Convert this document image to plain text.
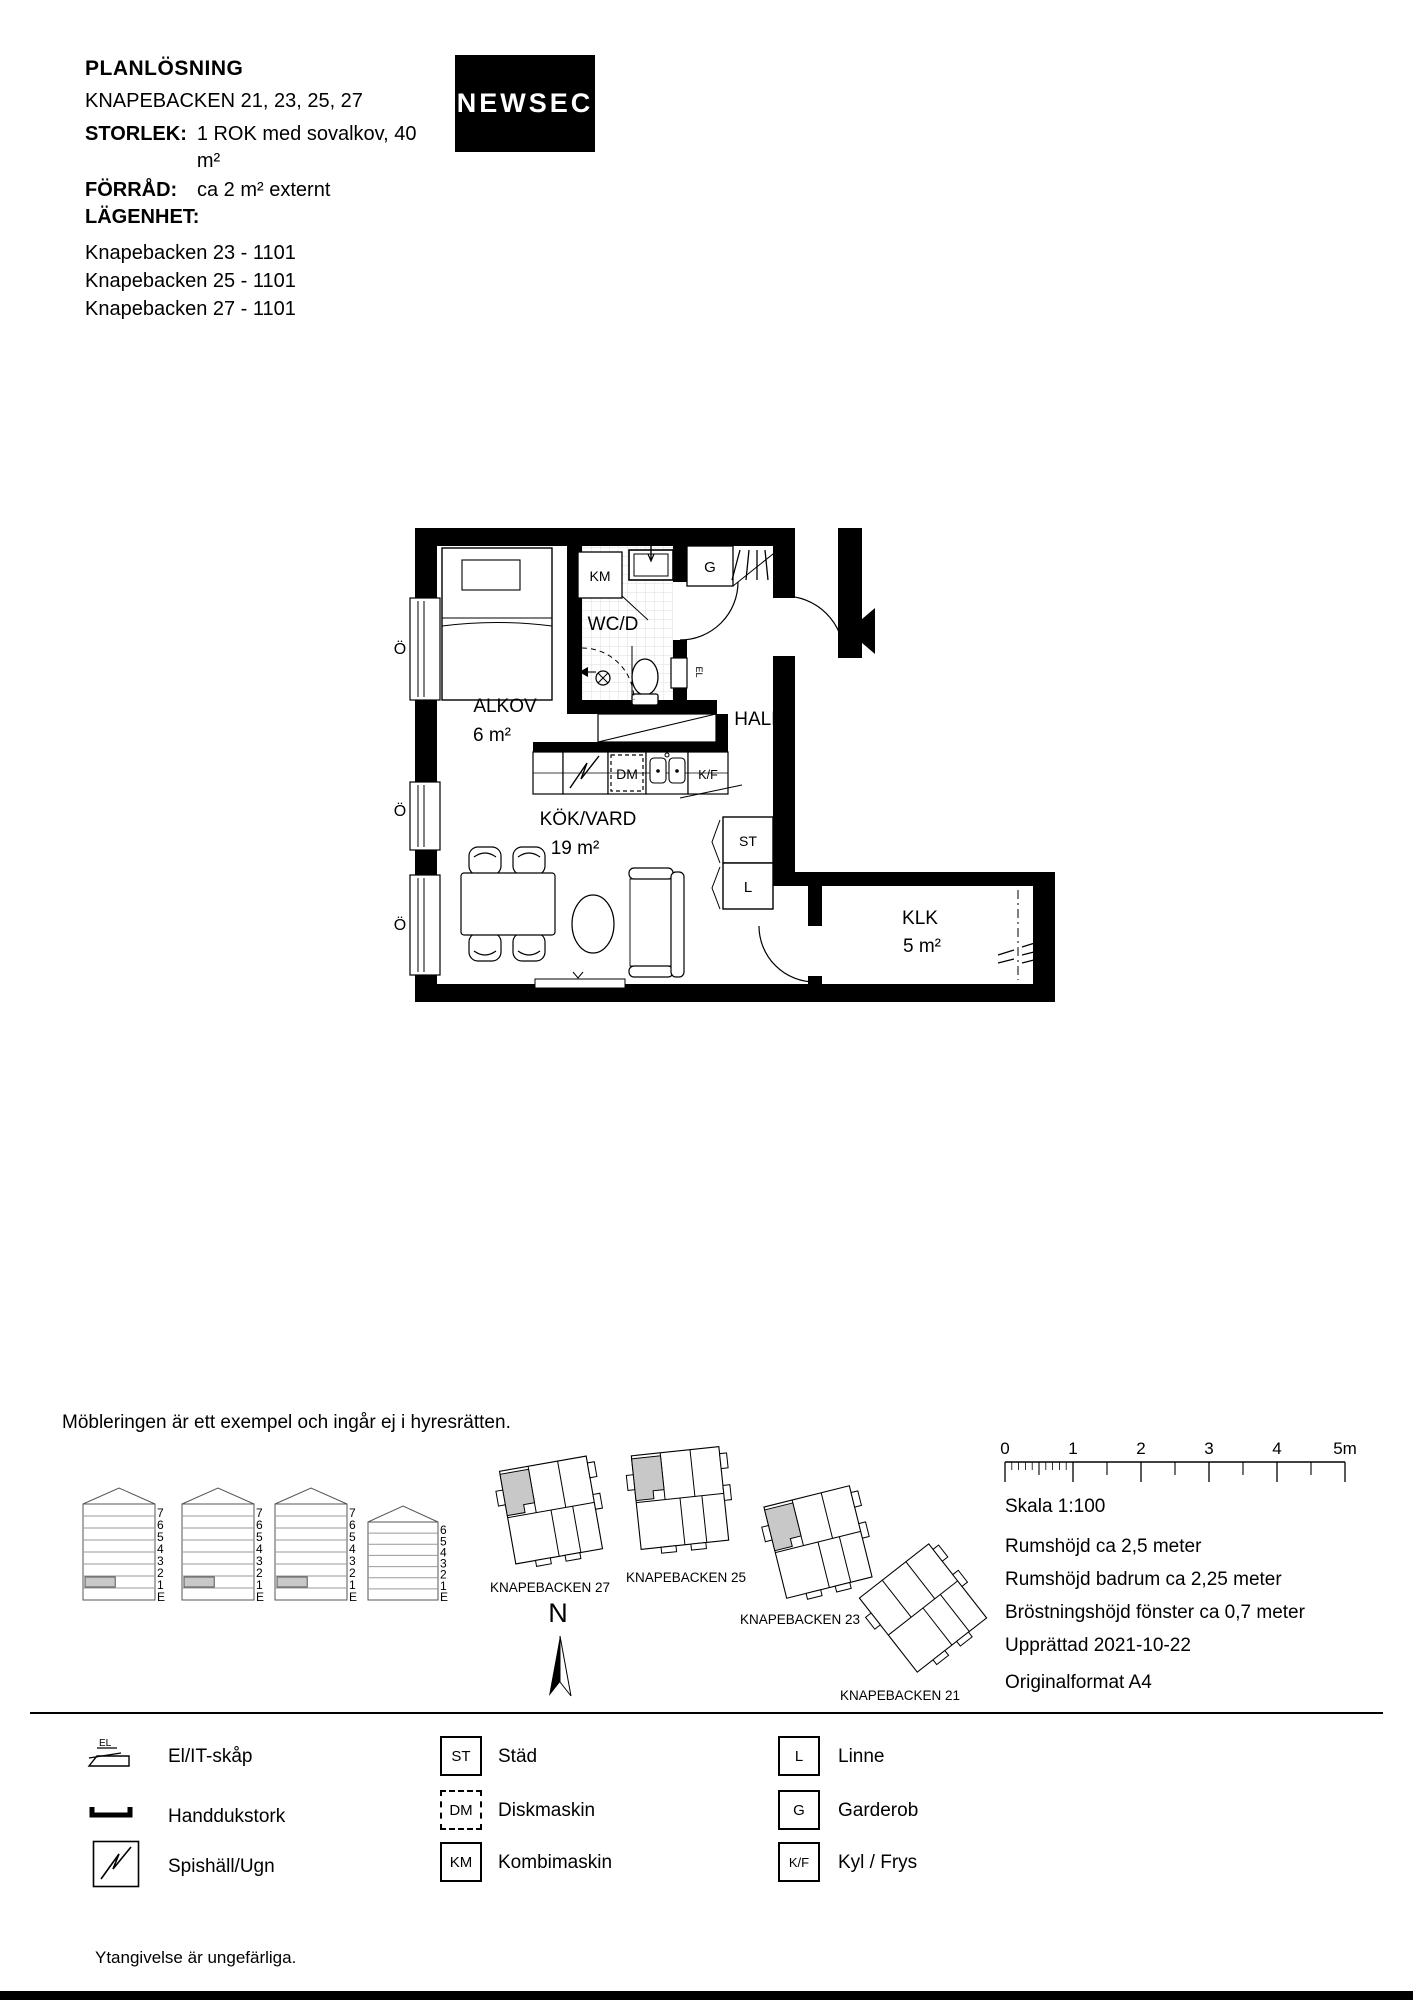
PLANLÖSNING
KNAPEBACKEN 21, 23, 25, 27
STORLEK: 1 ROK med sovalkov, 40 m²
FÖRRÅD: ca 2 m² externt
LÄGENHET:
Knapebacken 23 - 1101
Knapebacken 25 - 1101
Knapebacken 27 - 1101
NEWSEC
ALKOV
6 m²
WC/D
HALL
KÖK/VARD
19 m²
KLK
5 m²
KM	G
DM	K/F
ST
L
EL
Ö
Ö
Ö
Möbleringen är ett exempel och ingår ej i hyresrätten.
7
6
5
4
3
2
1
E
7
6
5
4
3
2
1
E
7
6
5
4
3
2
1
E
6
5
4
3
2
1
E
KNAPEBACKEN 27
KNAPEBACKEN 25
KNAPEBACKEN 23
KNAPEBACKEN 21
N
0	1	2	3	4	5m
Skala 1:100
Rumshöjd ca 2,5 meter
Rumshöjd badrum ca 2,25 meter
Bröstningshöjd fönster ca 0,7 meter
Upprättad 2021-10-22
Originalformat A4
EL
El/IT-skåp
Handdukstork
Spishäll/Ugn
ST Städ
DM Diskmaskin
KM Kombimaskin
L Linne
G Garderob
K/F Kyl / Frys
Ytangivelse är ungefärliga.
